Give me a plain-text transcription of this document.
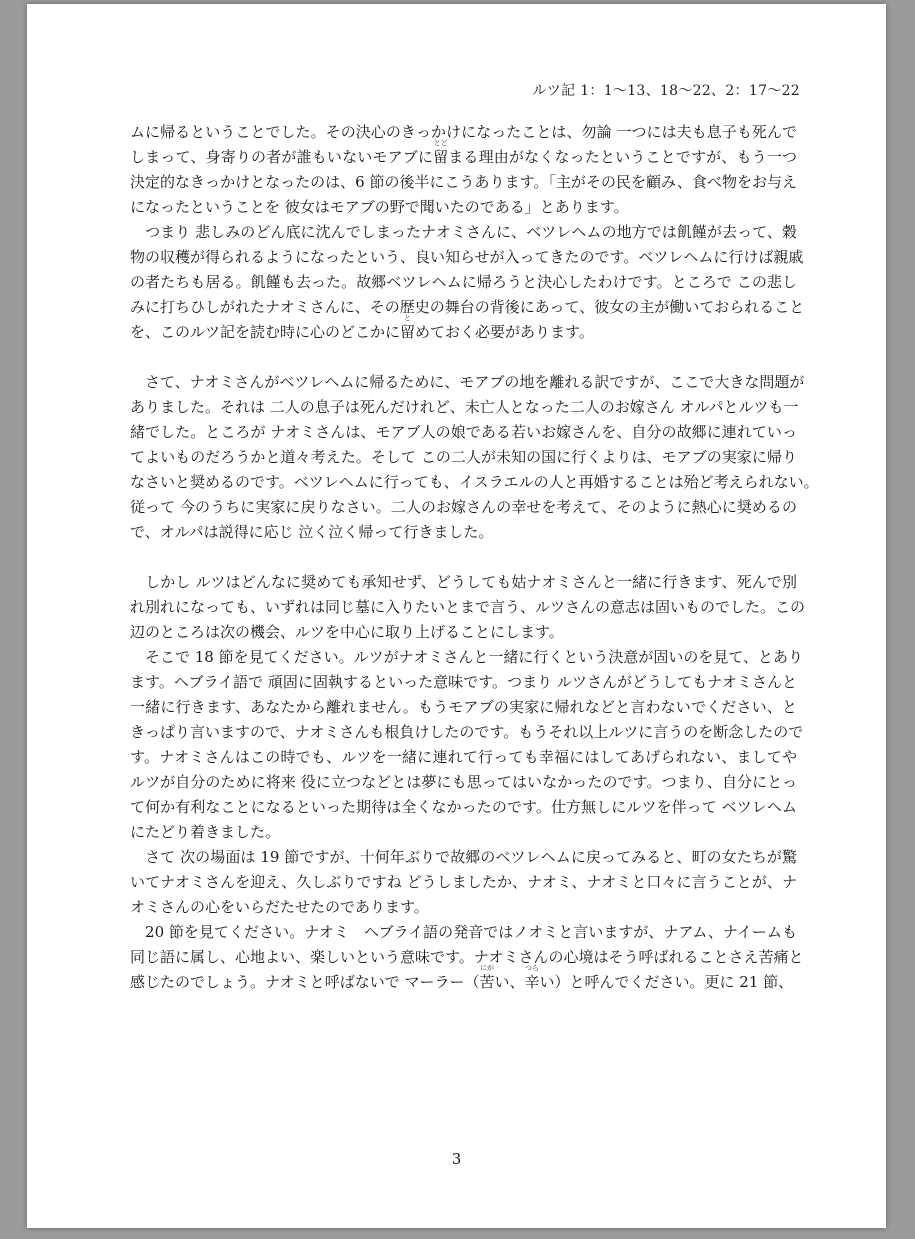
ルツ記 1：1〜13、18〜22、2：17〜22
ムに帰るということでした。その決心のきっかけになったことは、勿論 一つには夫も息子も死んで
しまって、身寄りの者が誰もいないモアブにとど 留まる理由がなくなったということですが、もう一つ
決定的なきっかけとなったのは、6 節の後半にこうあります。「主がその民を顧み、食べ物をお与え
になったということを 彼女はモアブの野で聞いたのである」とあります。
　つまり 悲しみのどん底に沈んでしまったナオミさんに、ベツレヘムの地方では飢饉が去って、穀
物の収穫が得られるようになったという、良い知らせが入ってきたのです。ベツレヘムに行けば親戚
の者たちも居る。飢饉も去った。故郷ベツレヘムに帰ろうと決心したわけです。ところで この悲し
みに打ちひしがれたナオミさんに、その歴史の舞台の背後にあって、彼女の主が働いておられること
を、このルツ記を読む時に心のどこかにと 留めておく必要があります。
　さて、ナオミさんがベツレヘムに帰るために、モアブの地を離れる訳ですが、ここで大きな問題が
ありました。それは 二人の息子は死んだけれど、未亡人となった二人のお嫁さん オルパとルツも一
緒でした。ところが ナオミさんは、モアブ人の娘である若いお嫁さんを、自分の故郷に連れていっ
てよいものだろうかと道々考えた。そして この二人が未知の国に行くよりは、モアブの実家に帰り
なさいと奨めるのです。ベツレヘムに行っても、イスラエルの人と再婚することは殆ど考えられない。
従って 今のうちに実家に戻りなさい。二人のお嫁さんの幸せを考えて、そのように熱心に奨めるの
で、オルパは説得に応じ 泣く泣く帰って行きました。
　しかし ルツはどんなに奨めても承知せず、どうしても姑ナオミさんと一緒に行きます、死んで別
れ別れになっても、いずれは同じ墓に入りたいとまで言う、ルツさんの意志は固いものでした。この
辺のところは次の機会、ルツを中心に取り上げることにします。
　そこで 18 節を見てください。ルツがナオミさんと一緒に行くという決意が固いのを見て、とあり
ます。ヘブライ語で 頑固に固執するといった意味です。つまり ルツさんがどうしてもナオミさんと
一緒に行きます、あなたから離れません。もうモアブの実家に帰れなどと言わないでください、と
きっぱり言いますので、ナオミさんも根負けしたのです。もうそれ以上ルツに言うのを断念したので
す。ナオミさんはこの時でも、ルツを一緒に連れて行っても幸福にはしてあげられない、ましてや
ルツが自分のために将来 役に立つなどとは夢にも思ってはいなかったのです。つまり、自分にとっ
て何か有利なことになるといった期待は全くなかったのです。仕方無しにルツを伴って ベツレヘム
にたどり着きました。
　さて 次の場面は 19 節ですが、十何年ぶりで故郷のベツレヘムに戻ってみると、町の女たちが驚
いてナオミさんを迎え、久しぶりですね どうしましたか、ナオミ、ナオミと口々に言うことが、ナ
オミさんの心をいらだたせたのであります。
　20 節を見てください。ナオミ　ヘブライ語の発音ではノオミと言いますが、ナアム、ナイームも
同じ語に属し、心地よい、楽しいという意味です。ナオミさんの心境はそう呼ばれることさえ苦痛と
感じたのでしょう。ナオミと呼ばないで マーラー（にが 苦い、つら 辛い）と呼んでください。更に 21 節、
3
